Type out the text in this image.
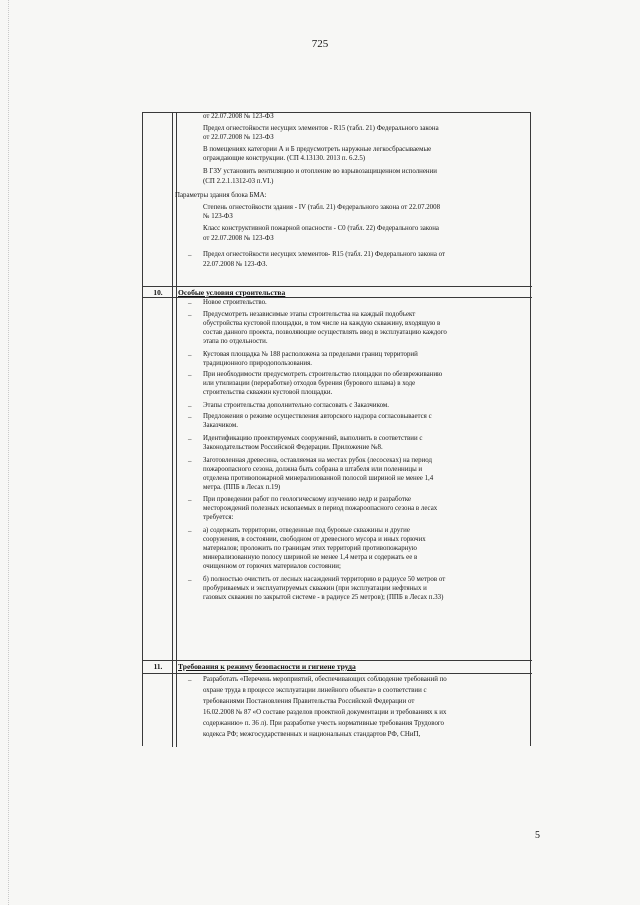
725
от 22.07.2008 № 123-ФЗ
Предел огнестойкости несущих элементов - R15 (табл. 21) Федерального закона
от 22.07.2008 № 123-ФЗ
В помещениях категории А и Б предусмотреть наружные легкосбрасываемые
ограждающие конструкции. (СП 4.13130. 2013 п. 6.2.5)
В ГЗУ установить вентиляцию и отопление во взрывозащищенном исполнении
(СП 2.2.1.1312-03 п.VI.)
Параметры здания блока БМА:
Степень огнестойкости здания - IV (табл. 21) Федерального закона от 22.07.2008
№ 123-ФЗ
Класс конструктивной пожарной опасности - С0 (табл. 22) Федерального закона
от 22.07.2008 № 123-ФЗ
– Предел огнестойкости несущих элементов- R15 (табл. 21) Федерального закона от
22.07.2008 № 123-ФЗ.
10.	Особые условия строительства
– Новое строительство.
– Предусмотреть независимые этапы строительства на каждый подобъект
обустройства кустовой площадки, в том числе на каждую скважину, входящую в
состав данного проекта, позволяющие осуществлять ввод в эксплуатацию каждого
этапа по отдельности.
– Кустовая площадка № 188 расположена за пределами границ территорий
традиционного природопользования.
– При необходимости предусмотреть строительство площадки по обезвреживанию
или утилизации (переработке) отходов бурения (бурового шлама) в ходе
строительства скважин кустовой площадки.
– Этапы строительства дополнительно согласовать с Заказчиком.
– Предложения о режиме осуществления авторского надзора согласовывается с
Заказчиком.
– Идентификацию проектируемых сооружений, выполнить в соответствии с
Законодательством Российской Федерации. Приложение №8.
– Заготовленная древесина, оставляемая на местах рубок (лесосеках) на период
пожароопасного сезона, должна быть собрана в штабеля или поленницы и
отделена противопожарной минерализованной полосой шириной не менее 1,4
метра. (ППБ в Лесах п.19)
– При проведении работ по геологическому изучению недр и разработке
месторождений полезных ископаемых в период пожароопасного сезона в лесах
требуется:
– а) содержать территории, отведенные под буровые скважины и другие
сооружения, в состоянии, свободном от древесного мусора и иных горючих
материалов; проложить по границам этих территорий противопожарную
минерализованную полосу шириной не менее 1,4 метра и содержать ее в
очищенном от горючих материалов состоянии;
– б) полностью очистить от лесных насаждений территорию в радиусе 50 метров от
пробуриваемых и эксплуатируемых скважин (при эксплуатации нефтяных и
газовых скважин по закрытой системе - в радиусе 25 метров); (ППБ в Лесах п.33)
11.	Требования к режиму безопасности и гигиене труда
– Разработать «Перечень мероприятий, обеспечивающих соблюдение требований по
охране труда в процессе эксплуатации линейного объекта» в соответствии с
требованиями Постановления Правительства Российской Федерации от
16.02.2008 № 87 «О составе разделов проектной документации и требованиях к их
содержанию» п. 36 л). При разработке учесть нормативные требования Трудового
кодекса РФ; межгосударственных и национальных стандартов РФ, СНиП,
5
